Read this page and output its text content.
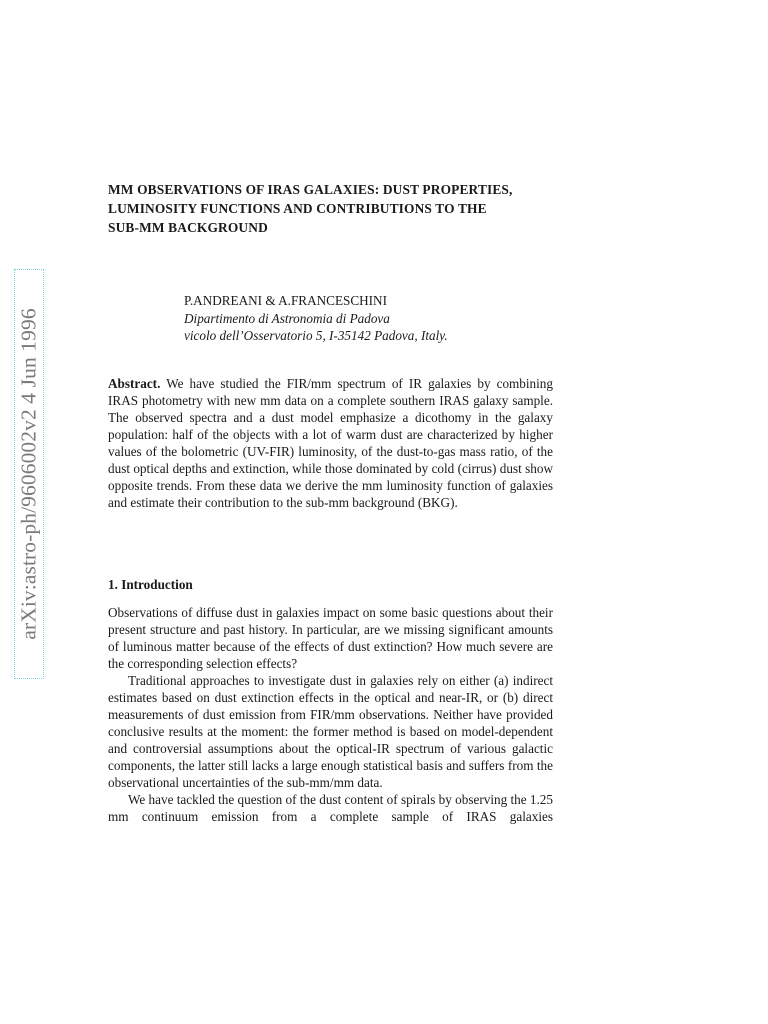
arXiv:astro-ph/9606002v2 4 Jun 1996
MM OBSERVATIONS OF IRAS GALAXIES: DUST PROPERTIES,
LUMINOSITY FUNCTIONS AND CONTRIBUTIONS TO THE
SUB-MM BACKGROUND
P.ANDREANI & A.FRANCESCHINI
Dipartimento di Astronomia di Padova
vicolo dell’Osservatorio 5, I-35142 Padova, Italy.
Abstract. We have studied the FIR/mm spectrum of IR galaxies by combining IRAS photometry with new mm data on a complete southern IRAS galaxy sample. The observed spectra and a dust model emphasize a dicothomy in the galaxy population: half of the objects with a lot of warm dust are characterized by higher values of the bolometric (UV-FIR) luminosity, of the dust-to-gas mass ratio, of the dust optical depths and extinction, while those dominated by cold (cirrus) dust show opposite trends. From these data we derive the mm luminosity function of galaxies and estimate their contribution to the sub-mm background (BKG).
1. Introduction

Observations of diffuse dust in galaxies impact on some basic questions about their present structure and past history. In particular, are we missing significant amounts of luminous matter because of the effects of dust extinction? How much severe are the corresponding selection effects?

Traditional approaches to investigate dust in galaxies rely on either (a) indirect estimates based on dust extinction effects in the optical and near-IR, or (b) direct measurements of dust emission from FIR/mm observations. Neither have provided conclusive results at the moment: the former method is based on model-dependent and controversial assumptions about the optical-IR spectrum of various galactic components, the latter still lacks a large enough statistical basis and suffers from the observational uncertainties of the sub-mm/mm data.

We have tackled the question of the dust content of spirals by observing the 1.25 mm continuum emission from a complete sample of IRAS galaxies
